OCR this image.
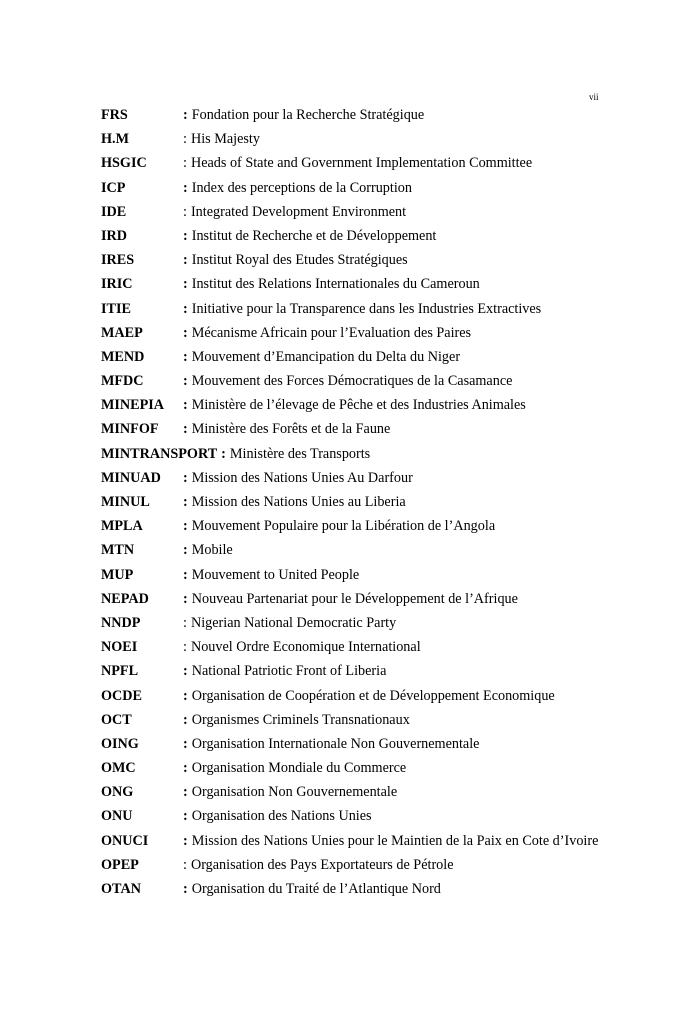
vii
FRS	: Fondation pour la Recherche Stratégique
H.M	: His Majesty
HSGIC	: Heads of State and Government Implementation Committee
ICP	: Index des perceptions de la Corruption
IDE	: Integrated Development Environment
IRD	: Institut de Recherche et de Développement
IRES	: Institut Royal des Etudes Stratégiques
IRIC	: Institut des Relations Internationales du Cameroun
ITIE	: Initiative pour la Transparence dans les Industries Extractives
MAEP	: Mécanisme Africain pour l’Evaluation des Paires
MEND	: Mouvement d’Emancipation du Delta du Niger
MFDC	: Mouvement des Forces Démocratiques de la Casamance
MINEPIA	: Ministère de l’élevage de Pêche et des Industries Animales
MINFOF	: Ministère des Forêts et de la Faune
MINTRANSPORT : Ministère des Transports
MINUAD	: Mission des Nations Unies Au Darfour
MINUL	: Mission des Nations Unies au Liberia
MPLA	: Mouvement Populaire pour la Libération de l’Angola
MTN	: Mobile
MUP	: Mouvement to United People
NEPAD	: Nouveau Partenariat pour le Développement de l’Afrique
NNDP	: Nigerian National Democratic Party
NOEI	: Nouvel Ordre Economique International
NPFL	: National Patriotic Front of Liberia
OCDE	: Organisation de Coopération et de Développement Economique
OCT	: Organismes Criminels Transnationaux
OING	: Organisation Internationale Non Gouvernementale
OMC	: Organisation Mondiale du Commerce
ONG	: Organisation Non Gouvernementale
ONU	: Organisation des Nations Unies
ONUCI	: Mission des Nations Unies pour le Maintien de la Paix en Cote d’Ivoire
OPEP	: Organisation des Pays Exportateurs de Pétrole
OTAN	: Organisation du Traité de l’Atlantique Nord
